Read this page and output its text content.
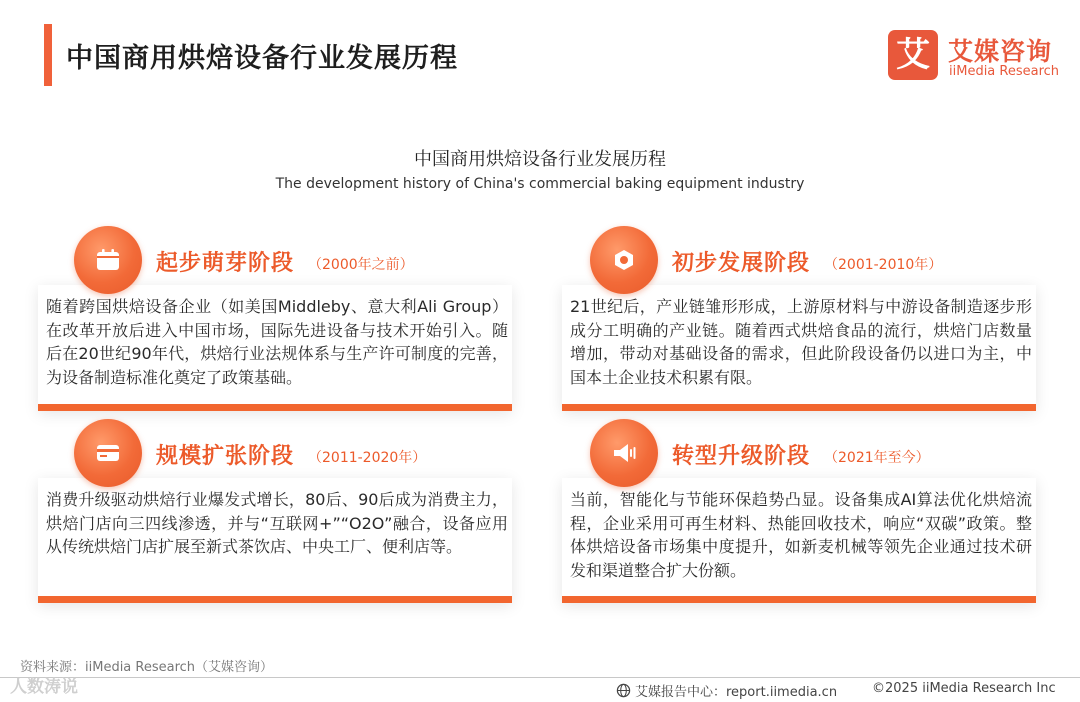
中国商用烘焙设备行业发展历程	艾 艾媒咨询
iiMedia Research
中国商用烘焙设备行业发展历程
The development history of China's commercial baking equipment industry
随着跨国烘焙设备企业（如美国Middleby、意大利Ali Group）在改革开放后进入中国市场，国际先进设备与技术开始引入。随后在20世纪90年代，烘焙行业法规体系与生产许可制度的完善，为设备制造标准化奠定了政策基础。
起步萌芽阶段 （2000年之前）
21世纪后，产业链雏形形成，上游原材料与中游设备制造逐步形成分工明确的产业链。随着西式烘焙食品的流行，烘焙门店数量增加，带动对基础设备的需求，但此阶段设备仍以进口为主，中国本土企业技术积累有限。
初步发展阶段 （2001-2010年）
消费升级驱动烘焙行业爆发式增长，80后、90后成为消费主力，烘焙门店向三四线渗透，并与“互联网+”“O2O”融合，设备应用从传统烘焙门店扩展至新式茶饮店、中央工厂、便利店等。
规模扩张阶段 （2011-2020年）
当前，智能化与节能环保趋势凸显。设备集成AI算法优化烘焙流程，企业采用可再生材料、热能回收技术，响应“双碳”政策。整体烘焙设备市场集中度提升，如新麦机械等领先企业通过技术研发和渠道整合扩大份额。
转型升级阶段 （2021年至今）
资料来源：iiMedia Research（艾媒咨询）
人数涛说	艾媒报告中心：report.iimedia.cn	©2025 iiMedia Research Inc
